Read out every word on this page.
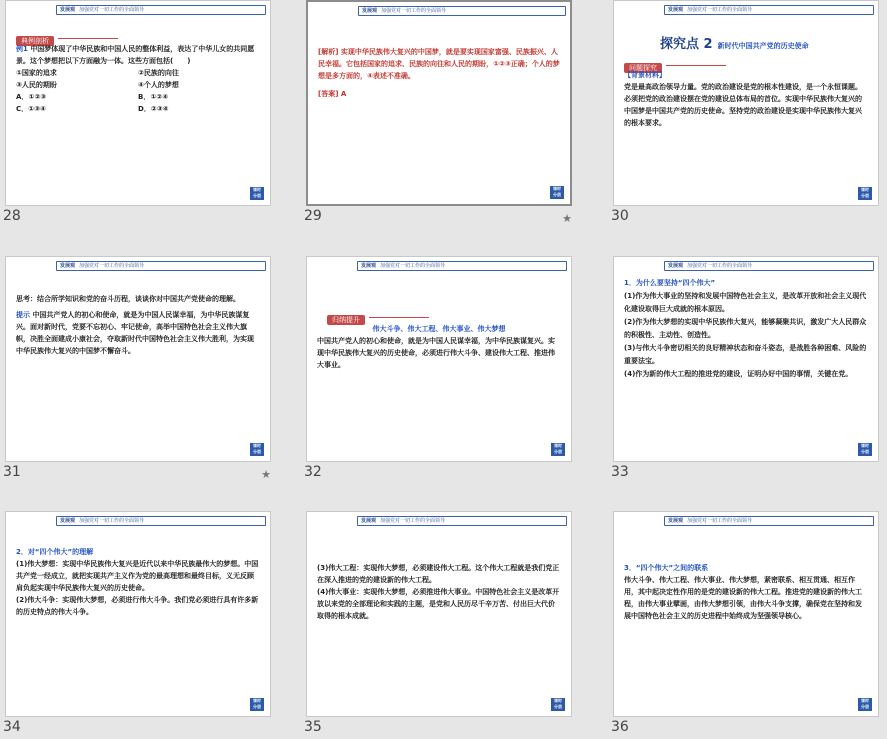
发展观 加强党对一切工作的全面领导
典例剖析

例1 中国梦体现了中华民族和中国人民的整体利益，表达了中华儿女的共同愿景。这个梦想把以下方面融为一体。这些方面包括(　　)

①国家的追求	②民族的向往
③人民的期盼	④个人的梦想
A．①②③	B．①②④
C．①③④	D．②③④
课时
分层
28
发展观 加强党对一切工作的全面领导

[解析] 实现中华民族伟大复兴的中国梦，就是要实现国家富强、民族振兴、人民幸福。它包括国家的追求、民族的向往和人民的期盼，①②③正确；个人的梦想是多方面的，④表述不准确。

[答案] A

课时
分层
29	★
发展观 加强党对一切工作的全面领导
探究点 2 新时代中国共产党的历史使命
问题探究

【背景材料】

党是最高政治领导力量。党的政治建设是党的根本性建设，是一个永恒课题。必须把党的政治建设摆在党的建设总体布局的首位。实现中华民族伟大复兴的中国梦是中国共产党的历史使命。坚持党的政治建设是实现中华民族伟大复兴的根本要求。

课时
分层
30
发展观 加强党对一切工作的全面领导

思考：结合所学知识和党的奋斗历程，谈谈你对中国共产党使命的理解。

提示 中国共产党人的初心和使命，就是为中国人民谋幸福，为中华民族谋复兴。面对新时代，党要不忘初心、牢记使命，高举中国特色社会主义伟大旗帜，决胜全面建成小康社会，夺取新时代中国特色社会主义伟大胜利，为实现中华民族伟大复兴的中国梦不懈奋斗。

课时
分层
31	★
发展观 加强党对一切工作的全面领导
归纳提升

伟大斗争、伟大工程、伟大事业、伟大梦想

中国共产党人的初心和使命，就是为中国人民谋幸福，为中华民族谋复兴。实现中华民族伟大复兴的历史使命，必须进行伟大斗争、建设伟大工程、推进伟大事业。

课时
分层
32
发展观 加强党对一切工作的全面领导

1．为什么要坚持“四个伟大”

(1)作为伟大事业的坚持和发展中国特色社会主义，是改革开放和社会主义现代化建设取得巨大成就的根本原因。

(2)作为伟大梦想的实现中华民族伟大复兴，能够凝聚共识，激发广大人民群众的积极性、主动性、创造性。

(3)与伟大斗争密切相关的良好精神状态和奋斗姿态，是战胜各种困难、风险的重要法宝。

(4)作为新的伟大工程的推进党的建设，证明办好中国的事情，关键在党。

课时
分层
33
发展观 加强党对一切工作的全面领导

2．对“四个伟大”的理解

(1)伟大梦想：实现中华民族伟大复兴是近代以来中华民族最伟大的梦想。中国共产党一经成立，就把实现共产主义作为党的最高理想和最终目标，义无反顾肩负起实现中华民族伟大复兴的历史使命。

(2)伟大斗争：实现伟大梦想，必须进行伟大斗争。我们党必须进行具有许多新的历史特点的伟大斗争。

课时
分层
34
发展观 加强党对一切工作的全面领导

(3)伟大工程：实现伟大梦想，必须建设伟大工程。这个伟大工程就是我们党正在深入推进的党的建设新的伟大工程。

(4)伟大事业：实现伟大梦想，必须推进伟大事业。中国特色社会主义是改革开放以来党的全部理论和实践的主题，是党和人民历尽千辛万苦、付出巨大代价取得的根本成就。

课时
分层
35
发展观 加强党对一切工作的全面领导

3．“四个伟大”之间的联系

伟大斗争、伟大工程、伟大事业、伟大梦想，紧密联系、相互贯通、相互作用，其中起决定性作用的是党的建设新的伟大工程。推进党的建设新的伟大工程，由伟大事业擘画，由伟大梦想引领，由伟大斗争支撑，确保党在坚持和发展中国特色社会主义的历史进程中始终成为坚强领导核心。

课时
分层
36
